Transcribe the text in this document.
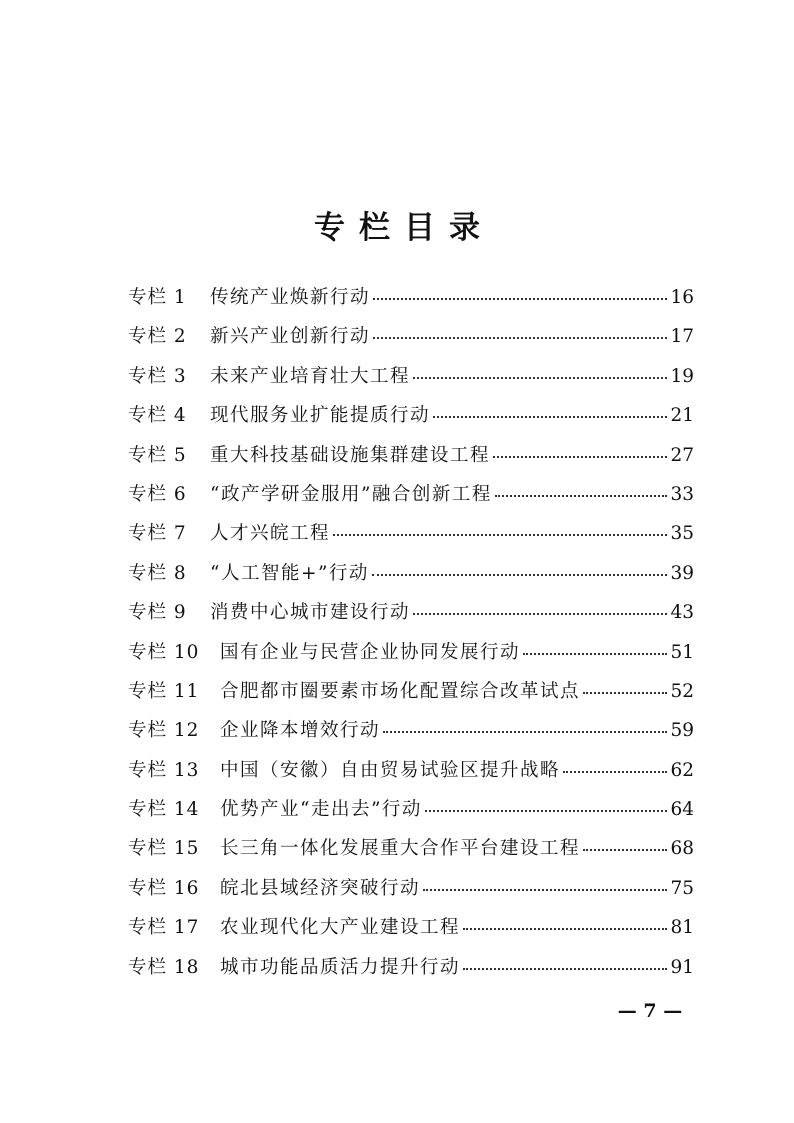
专栏目录
专栏 1	传统产业焕新行动	16
专栏 2	新兴产业创新行动	17
专栏 3	未来产业培育壮大工程	19
专栏 4	现代服务业扩能提质行动	21
专栏 5	重大科技基础设施集群建设工程	27
专栏 6	“政产学研金服用”融合创新工程	33
专栏 7	人才兴皖工程	35
专栏 8	“人工智能+”行动	39
专栏 9	消费中心城市建设行动	43
专栏 10	国有企业与民营企业协同发展行动	51
专栏 11	合肥都市圈要素市场化配置综合改革试点	52
专栏 12	企业降本增效行动	59
专栏 13	中国（安徽）自由贸易试验区提升战略	62
专栏 14	优势产业“走出去”行动	64
专栏 15	长三角一体化发展重大合作平台建设工程	68
专栏 16	皖北县域经济突破行动	75
专栏 17	农业现代化大产业建设工程	81
专栏 18	城市功能品质活力提升行动	91
— 7 —
